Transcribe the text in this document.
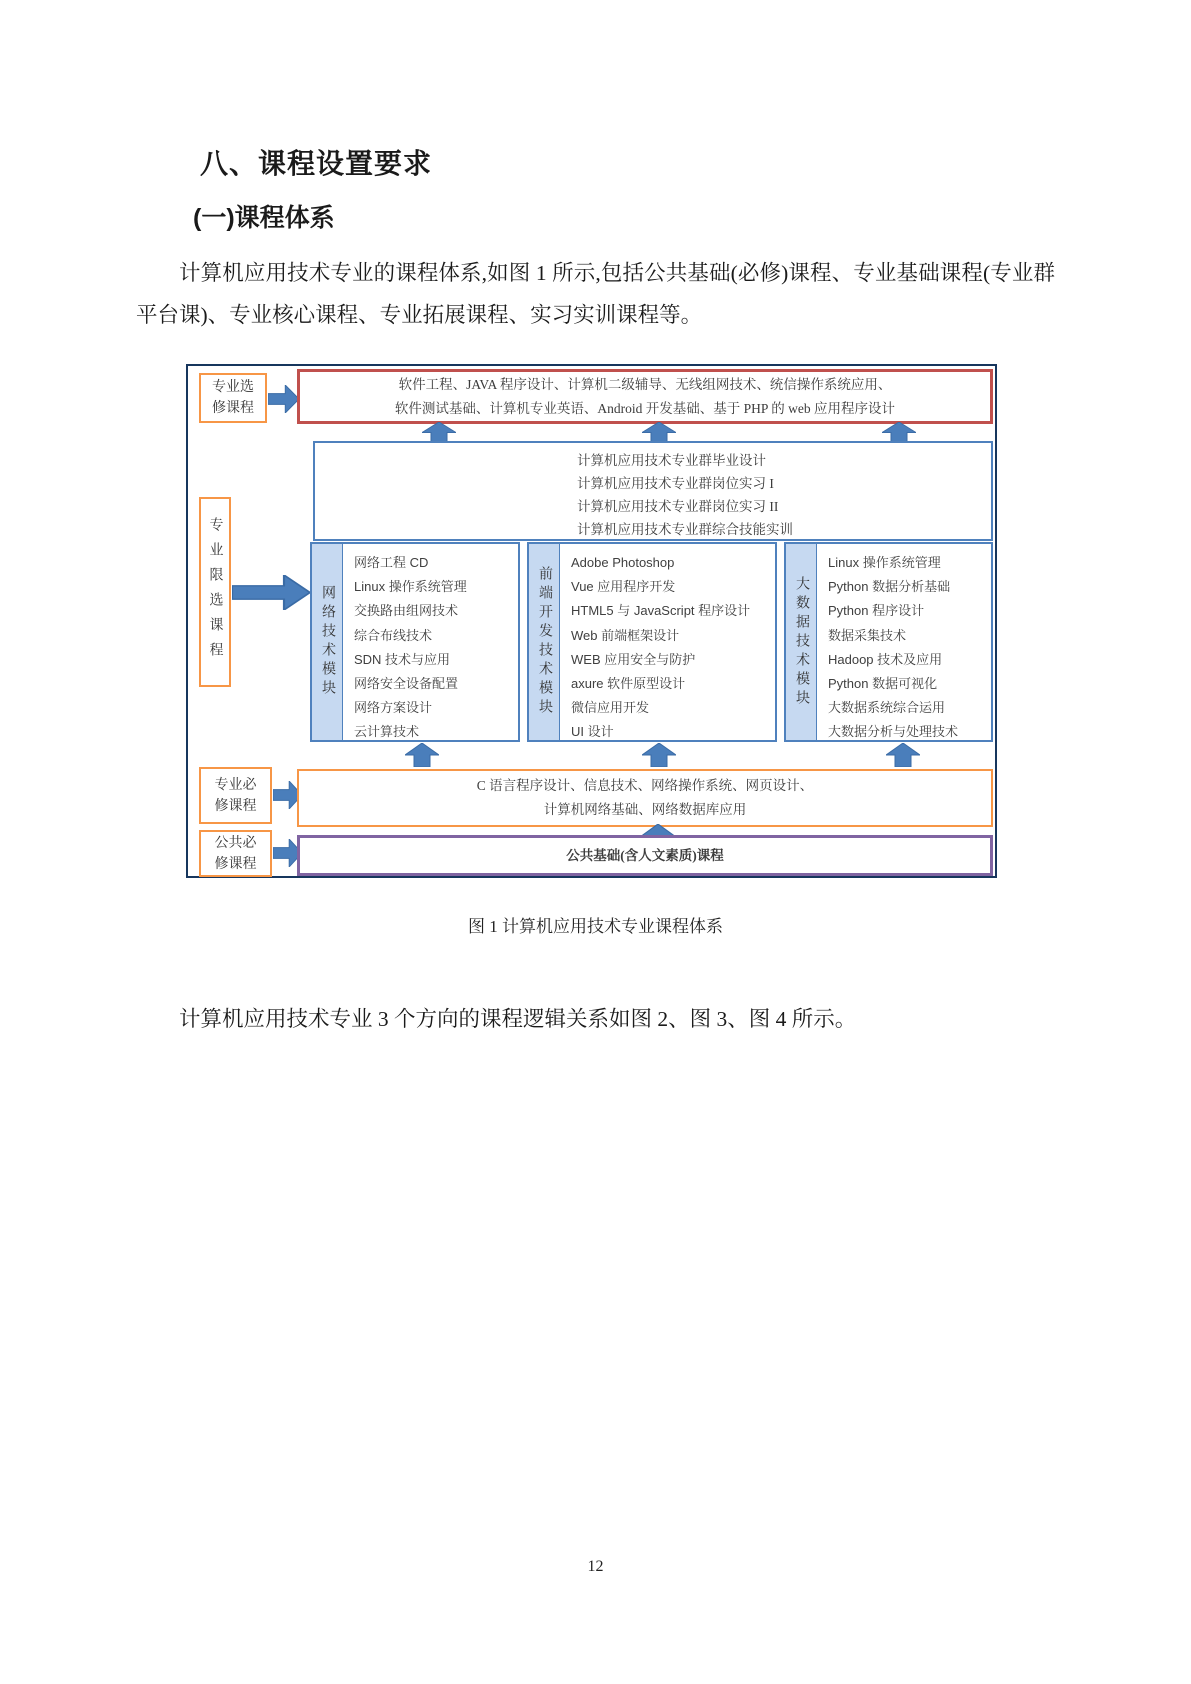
八、课程设置要求
(一)课程体系
计算机应用技术专业的课程体系,如图 1 所示,包括公共基础(必修)课程、专业基础课程(专业群平台课)、专业核心课程、专业拓展课程、实习实训课程等。
专业选修课程
软件工程、JAVA 程序设计、计算机二级辅导、无线组网技术、统信操作系统应用、
软件测试基础、计算机专业英语、Android 开发基础、基于 PHP 的 web 应用程序设计
计算机应用技术专业群毕业设计
计算机应用技术专业群岗位实习 I
计算机应用技术专业群岗位实习 II
计算机应用技术专业群综合技能实训
专业限选课程	网络技术模块
网络工程 CD
Linux 操作系统管理
交换路由组网技术
综合布线技术
SDN 技术与应用
网络安全设备配置
网络方案设计
云计算技术
前端开发技术模块
Adobe Photoshop
Vue 应用程序开发
HTML5 与 JavaScript 程序设计
Web 前端框架设计
WEB 应用安全与防护
axure 软件原型设计
微信应用开发
UI 设计
大数据技术模块
Linux 操作系统管理
Python 数据分析基础
Python 程序设计
数据采集技术
Hadoop 技术及应用
Python 数据可视化
大数据系统综合运用
大数据分析与处理技术
专业必修课程
C 语言程序设计、信息技术、网络操作系统、网页设计、
计算机网络基础、网络数据库应用
公共必修课程
公共基础(含人文素质)课程
图 1 计算机应用技术专业课程体系
计算机应用技术专业 3 个方向的课程逻辑关系如图 2、图 3、图 4 所示。
12
